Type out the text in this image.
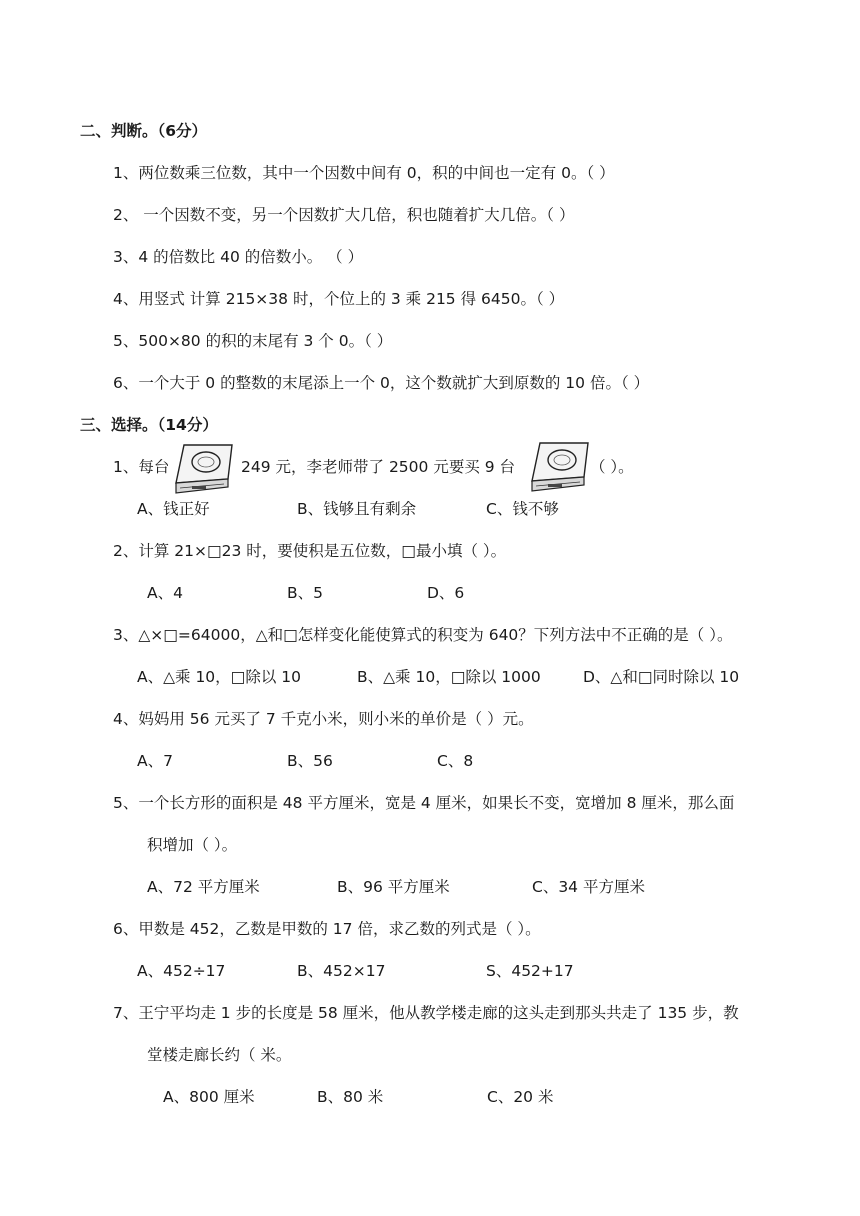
二、判断。（6分）
1、两位数乘三位数，其中一个因数中间有 0，积的中间也一定有 0。（ ）
2、 一个因数不变，另一个因数扩大几倍，积也随着扩大几倍。（ ）
3、4 的倍数比 40 的倍数小。 （ ）
4、用竖式 计算 215×38 时，个位上的 3 乘 215 得 6450。（ ）
5、500×80 的积的末尾有 3 个 0。（ ）
6、一个大于 0 的整数的末尾添上一个 0，这个数就扩大到原数的 10 倍。（ ）
三、选择。（14分）
1、每台	249 元，李老师带了 2500 元要买 9 台	（ ）。
A、钱正好	B、钱够且有剩余	C、钱不够
2、计算 21×□23 时，要使积是五位数，□最小填（ ）。
A、4	B、5	D、6
3、△×□=64000，△和□怎样变化能使算式的积变为 640？下列方法中不正确的是（ ）。
A、△乘 10，□除以 10	B、△乘 10，□除以 1000	D、△和□同时除以 10
4、妈妈用 56 元买了 7 千克小米，则小米的单价是（ ）元。
A、7	B、56	C、8
5、一个长方形的面积是 48 平方厘米，宽是 4 厘米，如果长不变，宽增加 8 厘米，那么面
积增加（ ）。
A、72 平方厘米	B、96 平方厘米	C、34 平方厘米
6、甲数是 452，乙数是甲数的 17 倍，求乙数的列式是（ ）。
A、452÷17	B、452×17	S、452+17
7、王宁平均走 1 步的长度是 58 厘米，他从教学楼走廊的这头走到那头共走了 135 步，教
堂楼走廊长约（ 米。
A、800 厘米	B、80 米	C、20 米
